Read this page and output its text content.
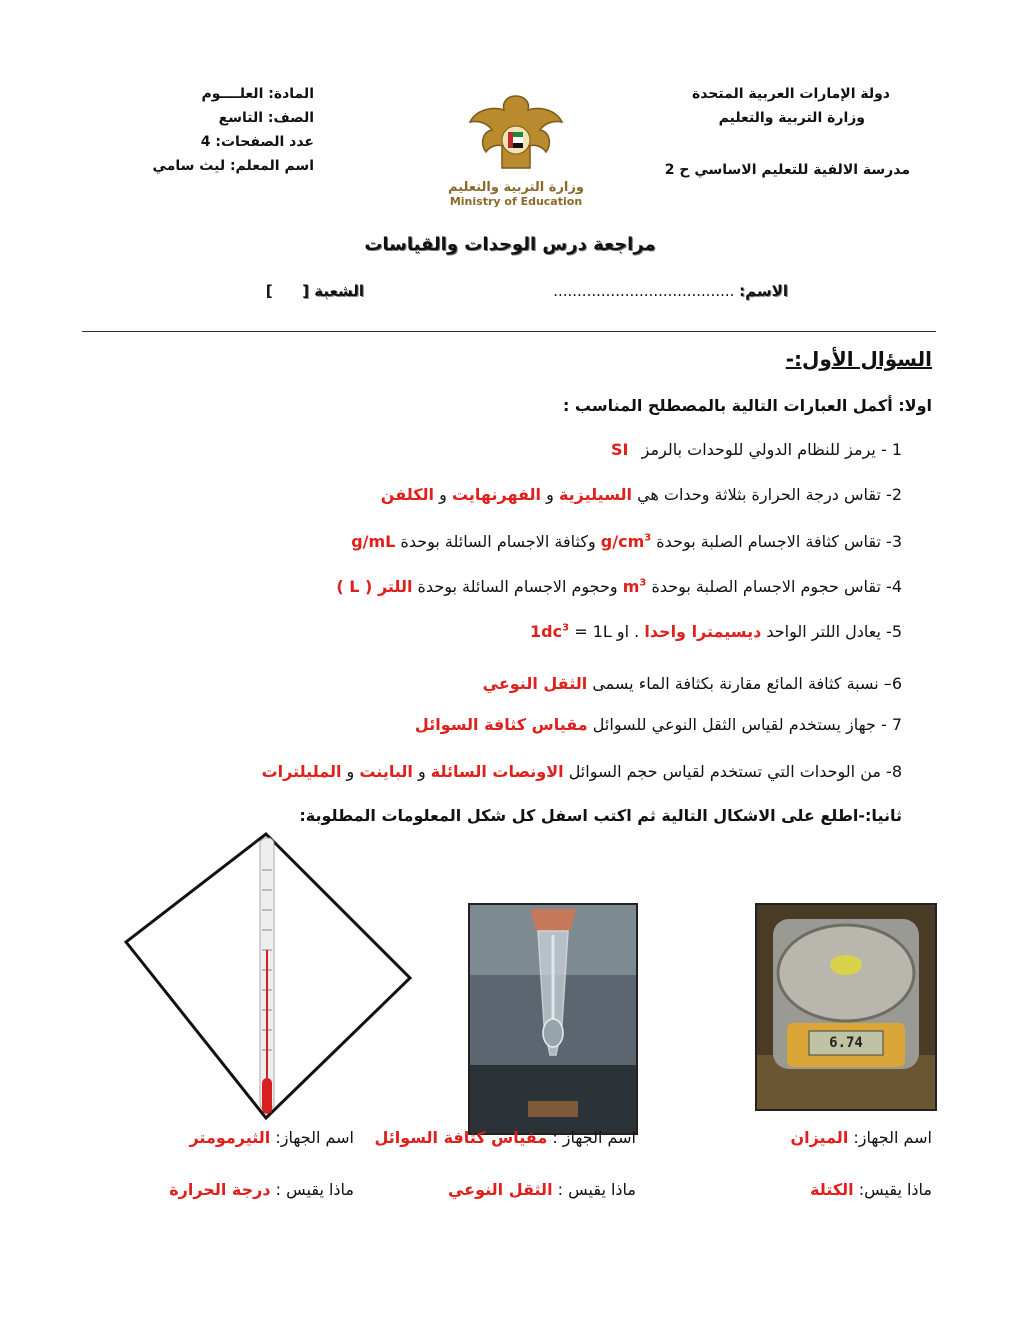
دولة الإمارات العربية المتحدة
وزارة التربية والتعليم
مدرسة الالفية للتعليم الاساسي ح 2
المادة: العلــــوم
الصف: التاسع
عدد الصفحات: 4
اسم المعلم: ليث سامي
وزارة التربية والتعليم
Ministry of Education
مراجعة درس الوحدات والقياسات
الاسم: ......................................
الشعبة [  ]
السؤال الأول:-
اولا: أكمل العبارات التالية بالمصطلح المناسب :
1 - يرمز للنظام الدولي للوحدات بالرمز SI
2- تقاس درجة الحرارة بثلاثة وحدات هي السيليزية و الفهرنهايت و الكلفن
3- تقاس كثافة الاجسام الصلبة بوحدة $g/cm^3$ وكثافة الاجسام السائلة بوحدة g/mL
4- تقاس حجوم الاجسام الصلبة بوحدة $m^3$ وحجوم الاجسام السائلة بوحدة اللتر ( L )
5- يعادل اللتر الواحد ديسيمترا واحدا . او $1L = 1dc^3$
6– نسبة كثافة المائع مقارنة بكثافة الماء يسمى الثقل النوعي
7 - جهاز يستخدم لقياس الثقل النوعي للسوائل مقياس كثافة السوائل
8- من الوحدات التي تستخدم لقياس حجم السوائل الاونصات السائلة و الباينت و المليلترات
ثانيا:-اطلع على الاشكال التالية ثم اكتب اسفل كل شكل المعلومات المطلوبة:
6.74
اسم الجهاز: الميزان
ماذا يقيس: الكتلة
اسم الجهاز : مقياس كثافة السوائل
ماذا يقيس : الثقل النوعي
اسم الجهاز: الثيرمومتر
ماذا يقيس : درجة الحرارة
